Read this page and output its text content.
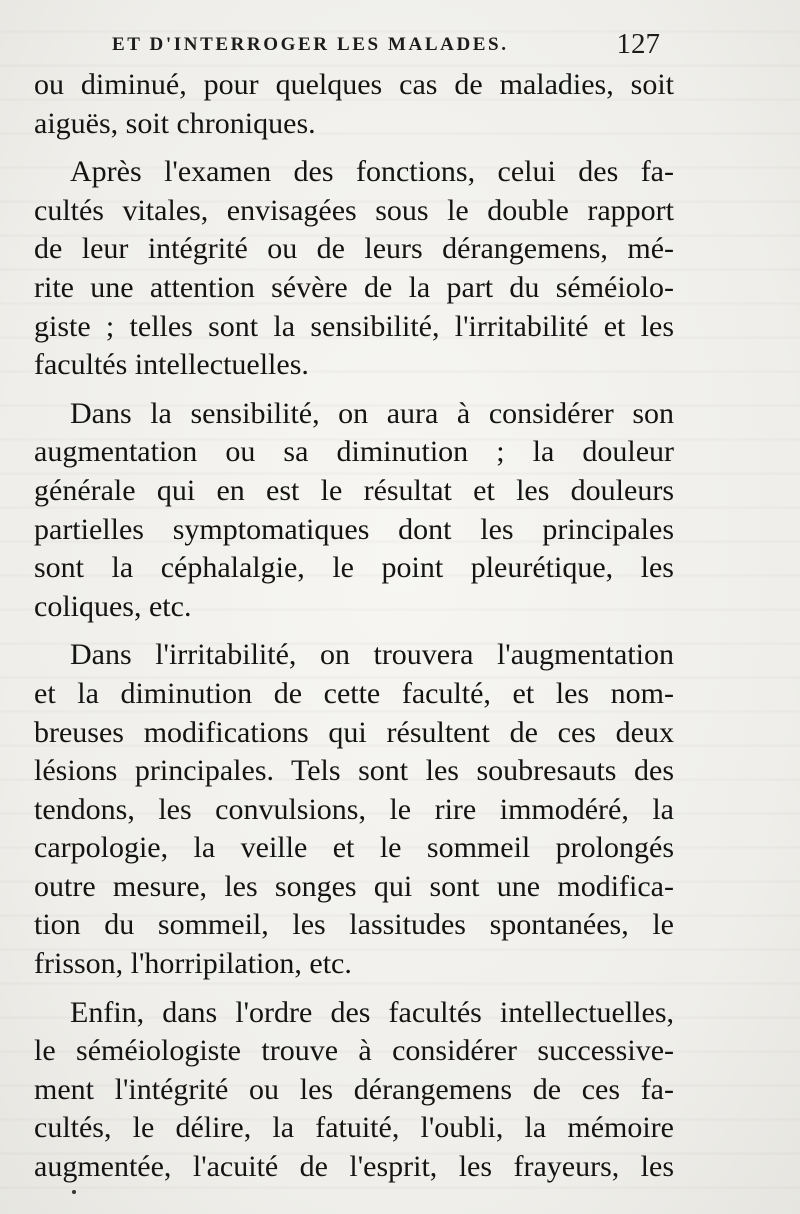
ET D'INTERROGER LES MALADES.	127
ou diminué, pour quelques cas de maladies, soit
aiguës, soit chroniques.
Après l'examen des fonctions, celui des fa-
cultés vitales, envisagées sous le double rapport
de leur intégrité ou de leurs dérangemens, mé-
rite une attention sévère de la part du séméiolo-
giste ; telles sont la sensibilité, l'irritabilité et les
facultés intellectuelles.
Dans la sensibilité, on aura à considérer son
augmentation ou sa diminution ; la douleur
générale qui en est le résultat et les douleurs
partielles symptomatiques dont les principales
sont la céphalalgie, le point pleurétique, les
coliques, etc.
Dans l'irritabilité, on trouvera l'augmentation
et la diminution de cette faculté, et les nom-
breuses modifications qui résultent de ces deux
lésions principales. Tels sont les soubresauts des
tendons, les convulsions, le rire immodéré, la
carpologie, la veille et le sommeil prolongés
outre mesure, les songes qui sont une modifica-
tion du sommeil, les lassitudes spontanées, le
frisson, l'horripilation, etc.
Enfin, dans l'ordre des facultés intellectuelles,
le séméiologiste trouve à considérer successive-
ment l'intégrité ou les dérangemens de ces fa-
cultés, le délire, la fatuité, l'oubli, la mémoire
augmentée, l'acuité de l'esprit, les frayeurs, les
